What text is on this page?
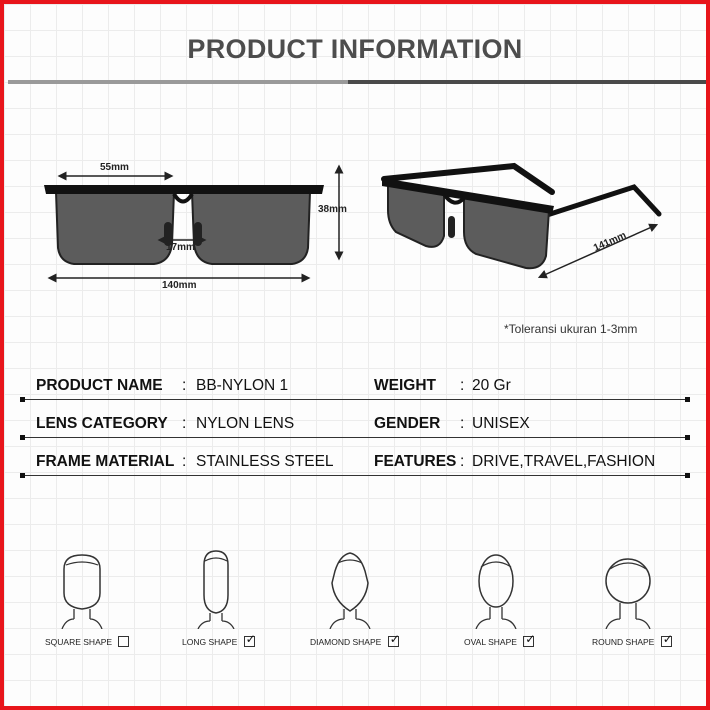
PRODUCT INFORMATION
55mm
17mm
140mm
38mm
141mm
*Toleransi ukuran 1-3mm
PRODUCT NAME : BB-NYLON 1	WEIGHT : 20 Gr
LENS CATEGORY : NYLON LENS	GENDER : UNISEX
FRAME MATERIAL : STAINLESS STEEL	FEATURES : DRIVE,TRAVEL,FASHION
SQUARE SHAPE	LONG SHAPE ✓	DIAMOND SHAPE ✓	OVAL SHAPE ✓	ROUND SHAPE ✓
